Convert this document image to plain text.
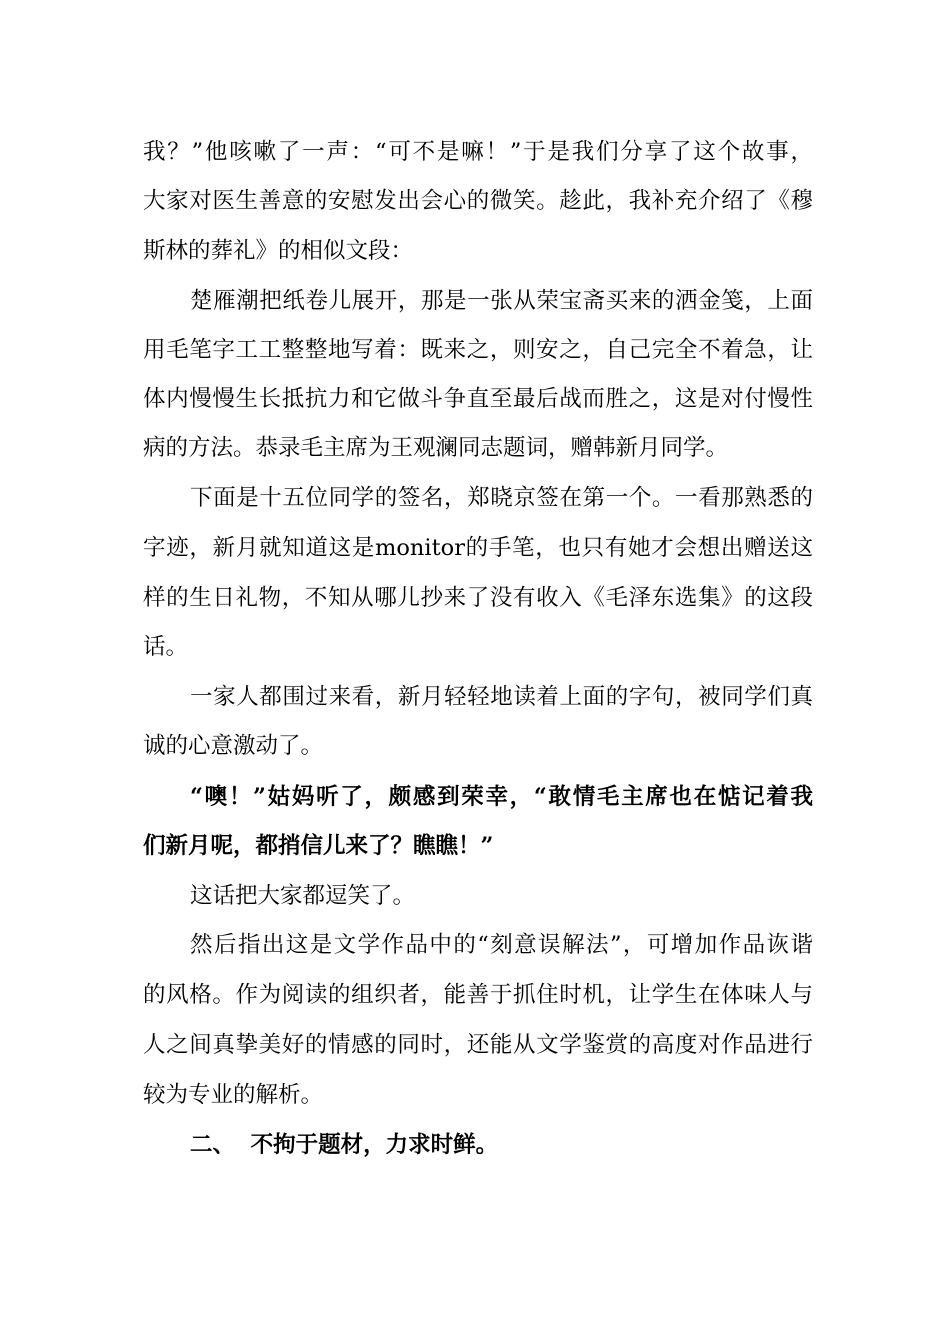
我？”他咳嗽了一声：“可不是嘛！”于是我们分享了这个故事，
大家对医生善意的安慰发出会心的微笑。趁此，我补充介绍了《穆
斯林的葬礼》的相似文段：
楚雁潮把纸卷儿展开，那是一张从荣宝斋买来的洒金笺，上面
用毛笔字工工整整地写着：既来之，则安之，自己完全不着急，让
体内慢慢生长抵抗力和它做斗争直至最后战而胜之，这是对付慢性
病的方法。恭录毛主席为王观澜同志题词，赠韩新月同学。
下面是十五位同学的签名，郑晓京签在第一个。一看那熟悉的
字迹，新月就知道这是monitor的手笔，也只有她才会想出赠送这
样的生日礼物，不知从哪儿抄来了没有收入《毛泽东选集》的这段
话。
一家人都围过来看，新月轻轻地读着上面的字句，被同学们真
诚的心意激动了。
“噢！”姑妈听了，颇感到荣幸，“敢情毛主席也在惦记着我
们新月呢，都捎信儿来了？瞧瞧！”
这话把大家都逗笑了。
然后指出这是文学作品中的“刻意误解法”，可增加作品诙谐
的风格。作为阅读的组织者，能善于抓住时机，让学生在体味人与
人之间真挚美好的情感的同时，还能从文学鉴赏的高度对作品进行
较为专业的解析。
二、  不拘于题材，力求时鲜。
